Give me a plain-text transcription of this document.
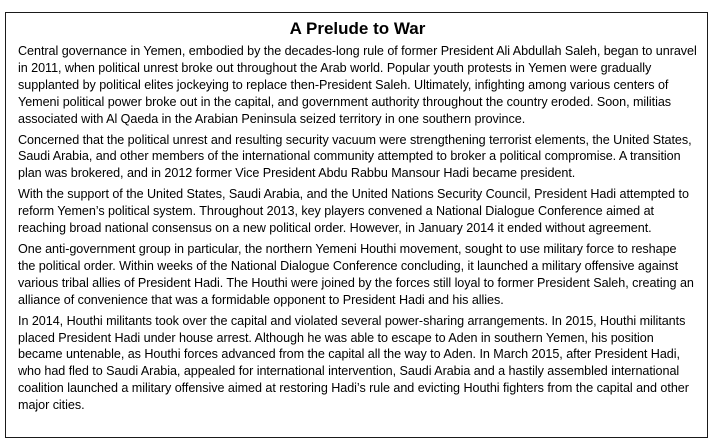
A Prelude to War

Central governance in Yemen, embodied by the decades-long rule of former President Ali Abdullah Saleh, began to unravel in 2011, when political unrest broke out throughout the Arab world. Popular youth protests in Yemen were gradually supplanted by political elites jockeying to replace then-President Saleh. Ultimately, infighting among various centers of Yemeni political power broke out in the capital, and government authority throughout the country eroded. Soon, militias associated with Al Qaeda in the Arabian Peninsula seized territory in one southern province.

Concerned that the political unrest and resulting security vacuum were strengthening terrorist elements, the United States, Saudi Arabia, and other members of the international community attempted to broker a political compromise. A transition plan was brokered, and in 2012 former Vice President Abdu Rabbu Mansour Hadi became president.

With the support of the United States, Saudi Arabia, and the United Nations Security Council, President Hadi attempted to reform Yemen’s political system. Throughout 2013, key players convened a National Dialogue Conference aimed at reaching broad national consensus on a new political order. However, in January 2014 it ended without agreement.

One anti-government group in particular, the northern Yemeni Houthi movement, sought to use military force to reshape the political order. Within weeks of the National Dialogue Conference concluding, it launched a military offensive against various tribal allies of President Hadi. The Houthi were joined by the forces still loyal to former President Saleh, creating an alliance of convenience that was a formidable opponent to President Hadi and his allies.

In 2014, Houthi militants took over the capital and violated several power-sharing arrangements. In 2015, Houthi militants placed President Hadi under house arrest. Although he was able to escape to Aden in southern Yemen, his position became untenable, as Houthi forces advanced from the capital all the way to Aden. In March 2015, after President Hadi, who had fled to Saudi Arabia, appealed for international intervention, Saudi Arabia and a hastily assembled international coalition launched a military offensive aimed at restoring Hadi’s rule and evicting Houthi fighters from the capital and other major cities.
